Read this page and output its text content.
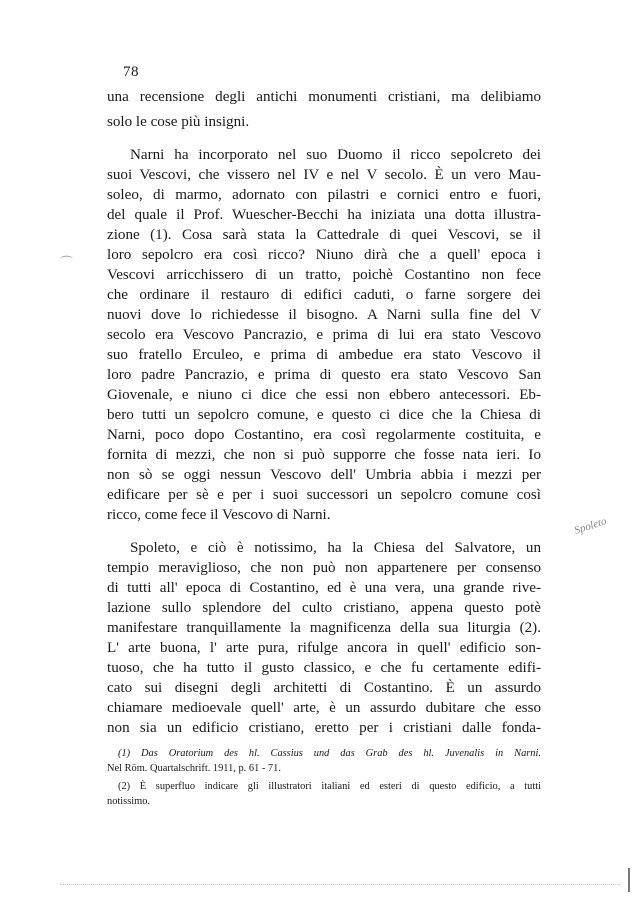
78
una recensione degli antichi monumenti cristiani, ma delibiamo
solo le cose più insigni.
Narni ha incorporato nel suo Duomo il ricco sepolcreto dei
suoi Vescovi, che vissero nel IV e nel V secolo. È un vero Mau-
soleo, di marmo, adornato con pilastri e cornici entro e fuori,
del quale il Prof. Wuescher-Becchi ha iniziata una dotta illustra-
zione (1). Cosa sarà stata la Cattedrale di quei Vescovi, se il
loro sepolcro era così ricco? Niuno dirà che a quell' epoca i
Vescovi arricchissero di un tratto, poichè Costantino non fece
che ordinare il restauro di edifici caduti, o farne sorgere dei
nuovi dove lo richiedesse il bisogno. A Narni sulla fine del V
secolo era Vescovo Pancrazio, e prima di lui era stato Vescovo
suo fratello Erculeo, e prima di ambedue era stato Vescovo il
loro padre Pancrazio, e prima di questo era stato Vescovo San
Giovenale, e niuno ci dice che essi non ebbero antecessori. Eb-
bero tutti un sepolcro comune, e questo ci dice che la Chiesa di
Narni, poco dopo Costantino, era così regolarmente costituita, e
fornita di mezzi, che non si può supporre che fosse nata ieri. Io
non sò se oggi nessun Vescovo dell' Umbria abbia i mezzi per
edificare per sè e per i suoi successori un sepolcro comune così
ricco, come fece il Vescovo di Narni.
Spoleto, e ciò è notissimo, ha la Chiesa del Salvatore, un
tempio meraviglioso, che non può non appartenere per consenso
di tutti all' epoca di Costantino, ed è una vera, una grande rive-
lazione sullo splendore del culto cristiano, appena questo potè
manifestare tranquillamente la magnificenza della sua liturgia (2).
L' arte buona, l' arte pura, rifulge ancora in quell' edificio son-
tuoso, che ha tutto il gusto classico, e che fu certamente edifi-
cato sui disegni degli architetti di Costantino. È un assurdo
chiamare medioevale quell' arte, è un assurdo dubitare che esso
non sia un edificio cristiano, eretto per i cristiani dalle fonda-
(1) Das Oratorium des hl. Cassius und das Grab des hl. Juvenalis in Narni.
Nel Röm. Quartalschrift. 1911, p. 61 - 71.
(2) È superfluo indicare gli illustratori italiani ed esteri di questo edificio, a tutti
notissimo.
⌒
Spoleto
